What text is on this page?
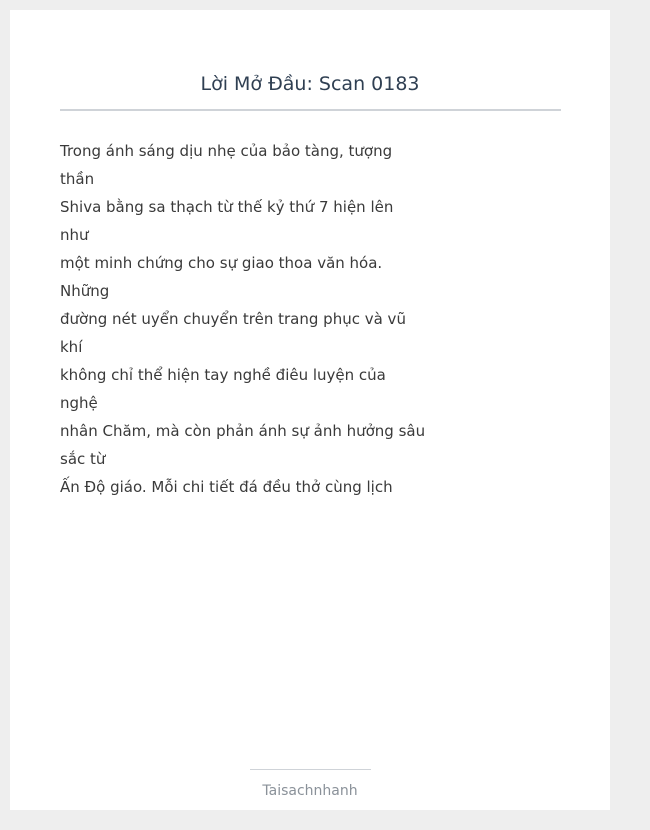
Lời Mở Đầu: Scan 0183
Trong ánh sáng dịu nhẹ của bảo tàng, tượng
thần
Shiva bằng sa thạch từ thế kỷ thứ 7 hiện lên
như
một minh chứng cho sự giao thoa văn hóa.
Những
đường nét uyển chuyển trên trang phục và vũ
khí
không chỉ thể hiện tay nghề điêu luyện của
nghệ
nhân Chăm, mà còn phản ánh sự ảnh hưởng sâu
sắc từ
Ấn Độ giáo. Mỗi chi tiết đá đều thở cùng lịch
Taisachnhanh
